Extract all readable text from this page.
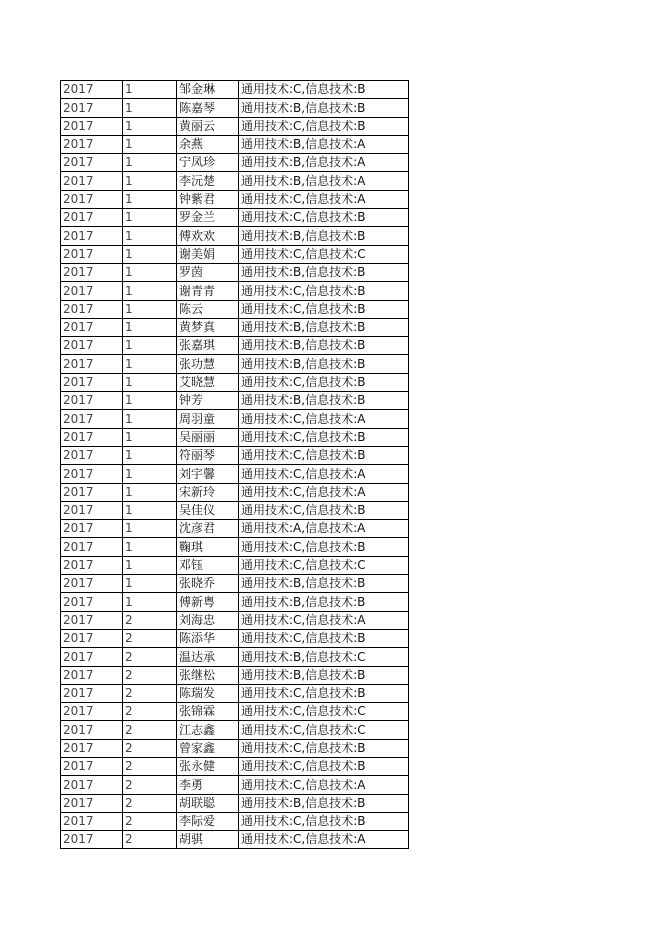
2017	1	邹金琳	通用技术:C,信息技术:B
2017	1	陈嘉琴	通用技术:B,信息技术:B
2017	1	黄丽云	通用技术:C,信息技术:B
2017	1	余燕	通用技术:B,信息技术:A
2017	1	宁凤珍	通用技术:B,信息技术:A
2017	1	李沅楚	通用技术:B,信息技术:A
2017	1	钟紫君	通用技术:C,信息技术:A
2017	1	罗金兰	通用技术:C,信息技术:B
2017	1	傅欢欢	通用技术:B,信息技术:B
2017	1	谢美娟	通用技术:C,信息技术:C
2017	1	罗茵	通用技术:B,信息技术:B
2017	1	谢青青	通用技术:C,信息技术:B
2017	1	陈云	通用技术:C,信息技术:B
2017	1	黄梦真	通用技术:B,信息技术:B
2017	1	张嘉琪	通用技术:B,信息技术:B
2017	1	张功慧	通用技术:B,信息技术:B
2017	1	艾晓慧	通用技术:C,信息技术:B
2017	1	钟芳	通用技术:B,信息技术:B
2017	1	周羽童	通用技术:C,信息技术:A
2017	1	吴丽丽	通用技术:C,信息技术:B
2017	1	符丽琴	通用技术:C,信息技术:B
2017	1	刘宇馨	通用技术:C,信息技术:A
2017	1	宋新玲	通用技术:C,信息技术:A
2017	1	吴佳仪	通用技术:C,信息技术:B
2017	1	沈彦君	通用技术:A,信息技术:A
2017	1	鞠琪	通用技术:C,信息技术:B
2017	1	邓钰	通用技术:C,信息技术:C
2017	1	张晓乔	通用技术:B,信息技术:B
2017	1	傅新粤	通用技术:B,信息技术:B
2017	2	刘海忠	通用技术:C,信息技术:A
2017	2	陈添华	通用技术:C,信息技术:B
2017	2	温达承	通用技术:B,信息技术:C
2017	2	张继松	通用技术:B,信息技术:B
2017	2	陈瑞发	通用技术:C,信息技术:B
2017	2	张锦霖	通用技术:C,信息技术:C
2017	2	江志鑫	通用技术:C,信息技术:C
2017	2	曾家鑫	通用技术:C,信息技术:B
2017	2	张永健	通用技术:C,信息技术:B
2017	2	李勇	通用技术:C,信息技术:A
2017	2	胡联聪	通用技术:B,信息技术:B
2017	2	李际爱	通用技术:C,信息技术:B
2017	2	胡骐	通用技术:C,信息技术:A
